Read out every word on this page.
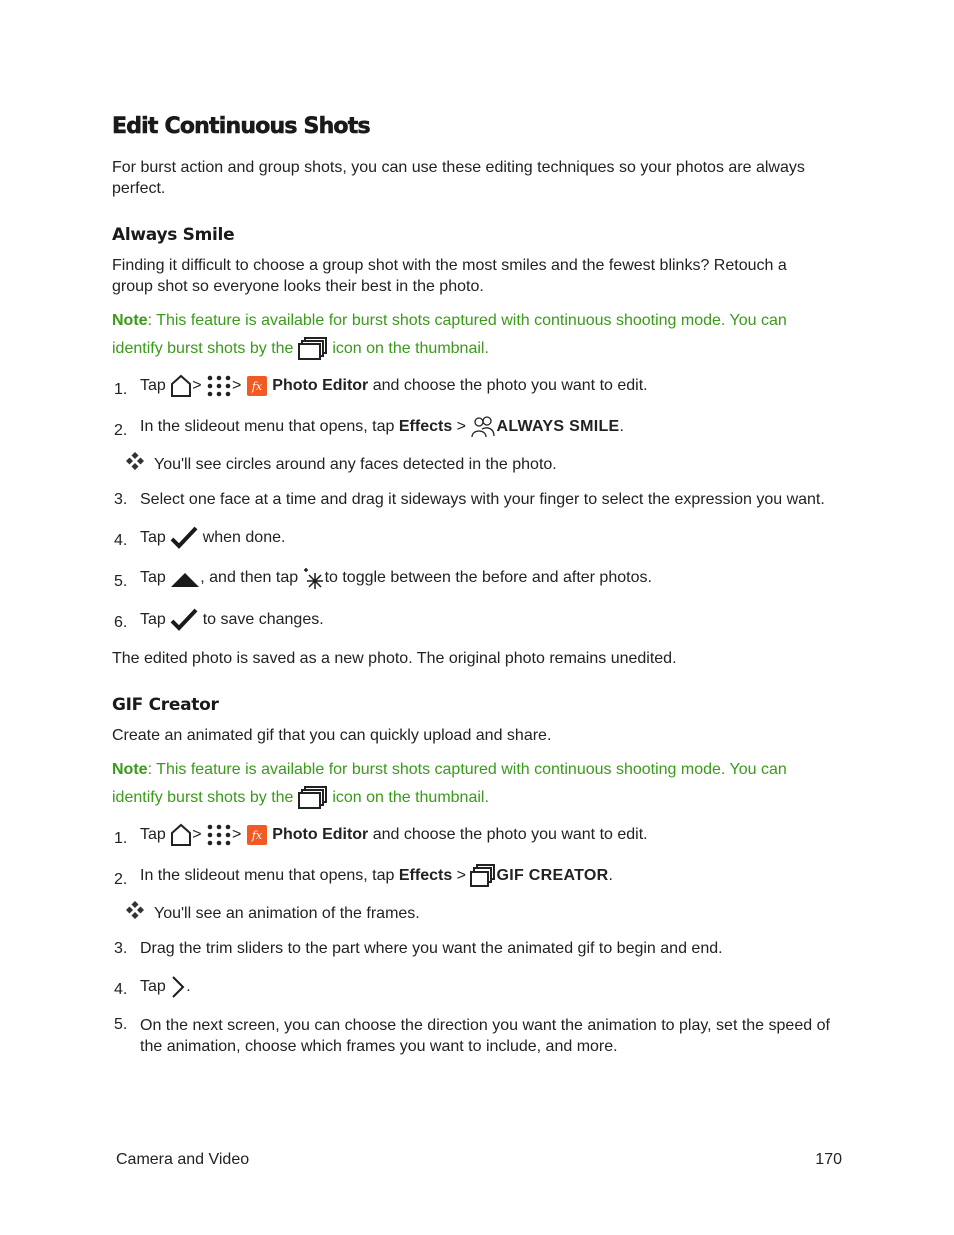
Edit Continuous Shots

For burst action and group shots, you can use these editing techniques so your photos are always perfect.

Always Smile

Finding it difficult to choose a group shot with the most smiles and the fewest blinks? Retouch a group shot so everyone looks their best in the photo.

Note: This feature is available for burst shots captured with continuous shooting mode. You can
identify burst shots by the icon on the thumbnail.
1. Tap > > fx Photo Editor and choose the photo you want to edit.
2. In the slideout menu that opens, tap Effects > ALWAYS SMILE.
You'll see circles around any faces detected in the photo.
3. Select one face at a time and drag it sideways with your finger to select the expression you want.
4. Tap when done.
5. Tap , and then tap to toggle between the before and after photos.
6. Tap to save changes.

The edited photo is saved as a new photo. The original photo remains unedited.

GIF Creator

Create an animated gif that you can quickly upload and share.

Note: This feature is available for burst shots captured with continuous shooting mode. You can
identify burst shots by the icon on the thumbnail.
1. Tap > > fx Photo Editor and choose the photo you want to edit.
2. In the slideout menu that opens, tap Effects > GIF CREATOR.
You'll see an animation of the frames.
3. Drag the trim sliders to the part where you want the animated gif to begin and end.
4. Tap .
5. On the next screen, you can choose the direction you want the animation to play, set the speed of the animation, choose which frames you want to include, and more.
Camera and Video	170
